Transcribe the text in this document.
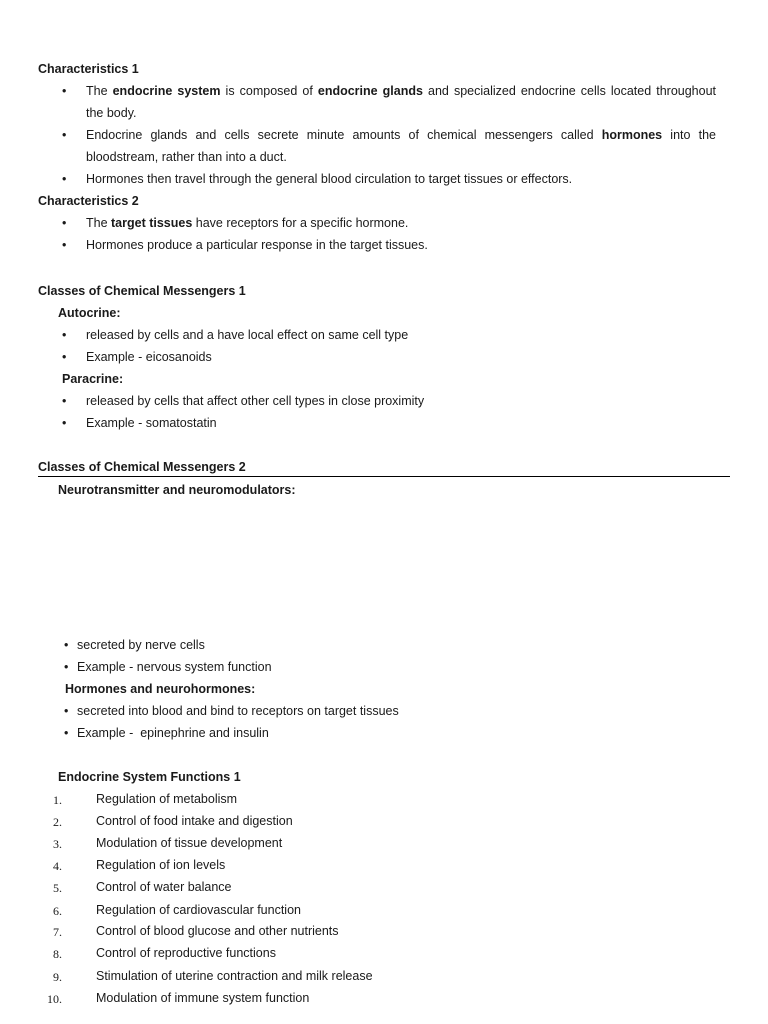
Characteristics 1
• The endocrine system is composed of endocrine glands and specialized endocrine cells located throughout the body.
• Endocrine glands and cells secrete minute amounts of chemical messengers called hormones into the bloodstream, rather than into a duct.
• Hormones then travel through the general blood circulation to target tissues or effectors.
Characteristics 2
• The target tissues have receptors for a specific hormone.
• Hormones produce a particular response in the target tissues.
Classes of Chemical Messengers 1
Autocrine:
• released by cells and a have local effect on same cell type
• Example - eicosanoids
Paracrine:
• released by cells that affect other cell types in close proximity
• Example - somatostatin
Classes of Chemical Messengers 2
Neurotransmitter and neuromodulators:
• secreted by nerve cells
• Example - nervous system function
Hormones and neurohormones:
• secreted into blood and bind to receptors on target tissues
• Example -  epinephrine and insulin
Endocrine System Functions 1
1.	Regulation of metabolism
2.	Control of food intake and digestion
3.	Modulation of tissue development
4.	Regulation of ion levels
5.	Control of water balance
6.	Regulation of cardiovascular function
7.	Control of blood glucose and other nutrients
8.	Control of reproductive functions
9.	Stimulation of uterine contraction and milk release
10.	Modulation of immune system function
